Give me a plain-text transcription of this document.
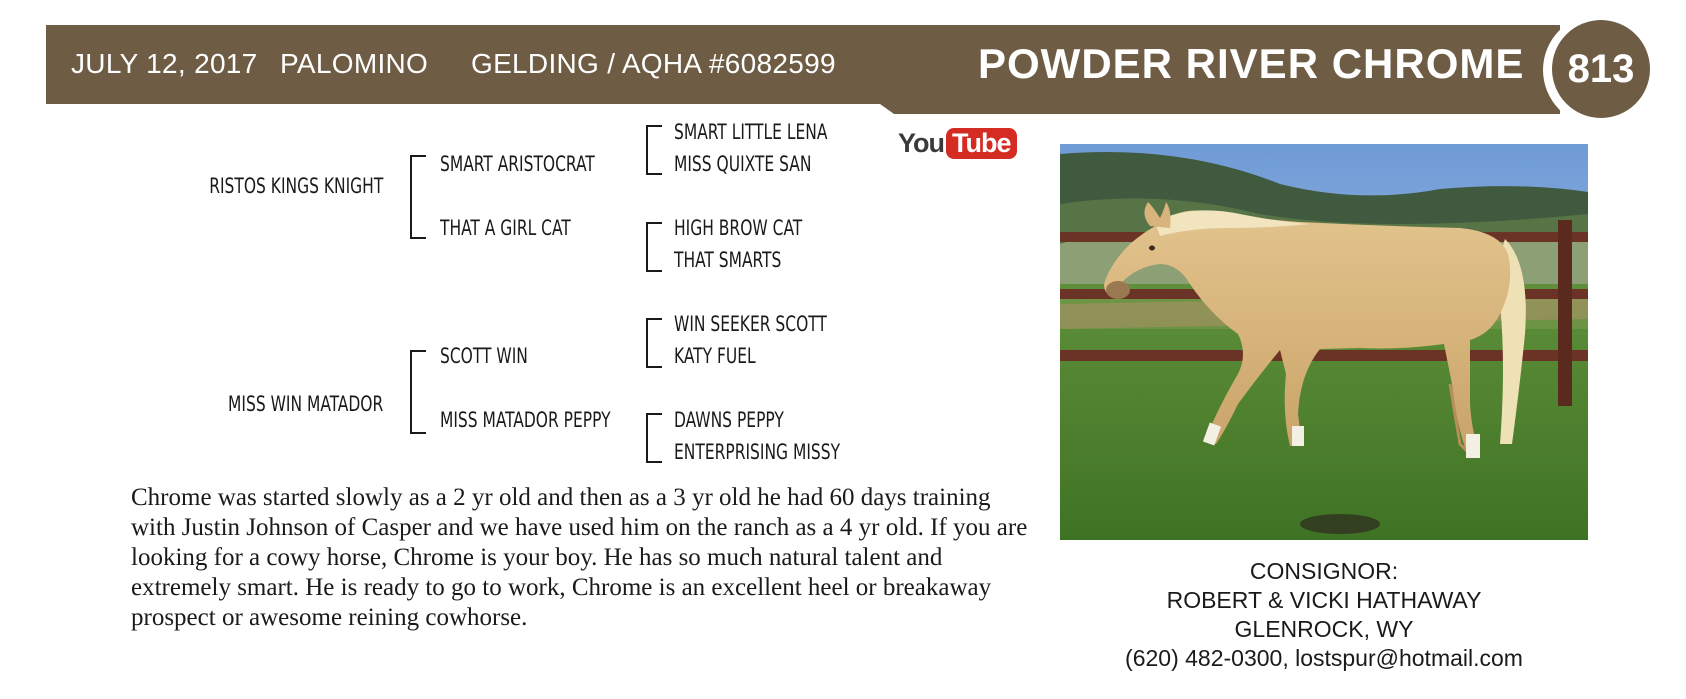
JULY 12, 2017 PALOMINO GELDING / AQHA #6082599	POWDER RIVER CHROME	813
RISTOS KINGS KNIGHT
SMART ARISTOCRAT
THAT A GIRL CAT
SMART LITTLE LENA
MISS QUIXTE SAN
HIGH BROW CAT
THAT SMARTS
MISS WIN MATADOR
SCOTT WIN
MISS MATADOR PEPPY
WIN SEEKER SCOTT
KATY FUEL
DAWNS PEPPY
ENTERPRISING MISSY
You Tube
Chrome was started slowly as a 2 yr old and then as a 3 yr old he had 60 days training with Justin Johnson of Casper and we have used him on the ranch as a 4 yr old. If you are looking for a cowy horse, Chrome is your boy. He has so much natural talent and extremely smart. He is ready to go to work, Chrome is an excellent heel or breakaway prospect or awesome reining cowhorse.
CONSIGNOR:
ROBERT & VICKI HATHAWAY
GLENROCK, WY
(620) 482-0300, lostspur@hotmail.com
